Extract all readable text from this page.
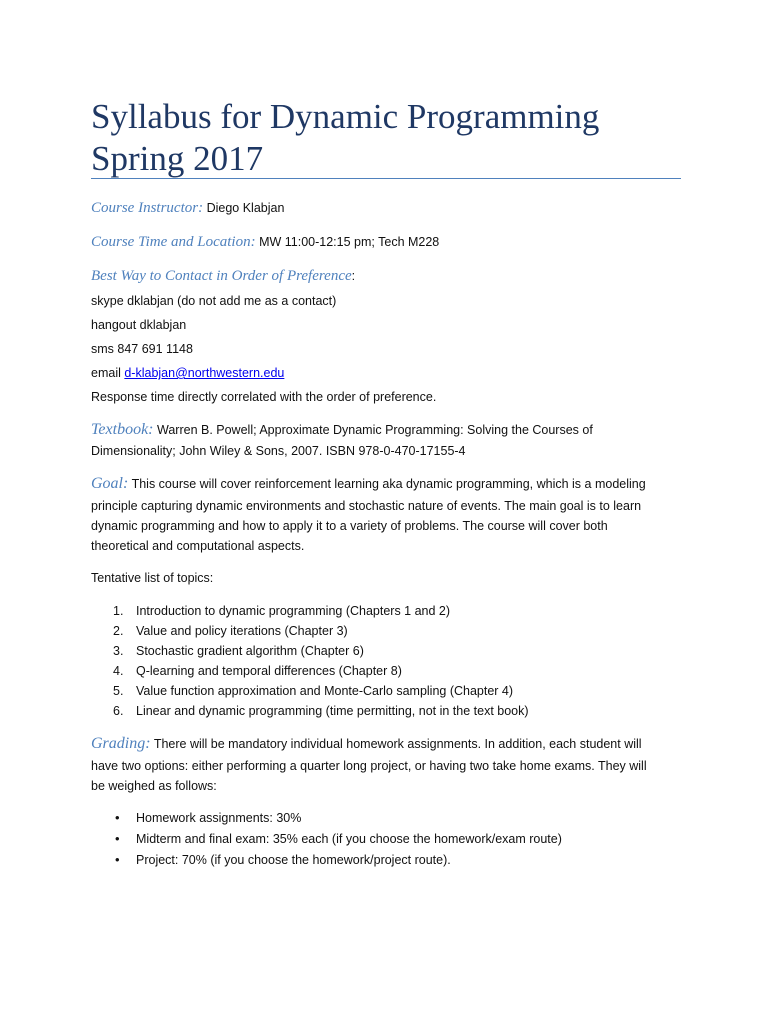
Syllabus for Dynamic Programming
Spring 2017
Course Instructor: Diego Klabjan
Course Time and Location: MW 11:00-12:15 pm; Tech M228
Best Way to Contact in Order of Preference:
skype dklabjan (do not add me as a contact)
hangout dklabjan
sms 847 691 1148
email d-klabjan@northwestern.edu
Response time directly correlated with the order of preference.
Textbook: Warren B. Powell; Approximate Dynamic Programming: Solving the Courses of
Dimensionality; John Wiley & Sons, 2007. ISBN 978-0-470-17155-4
Goal: This course will cover reinforcement learning aka dynamic programming, which is a modeling
principle capturing dynamic environments and stochastic nature of events. The main goal is to learn
dynamic programming and how to apply it to a variety of problems. The course will cover both
theoretical and computational aspects.
Tentative list of topics:
1. Introduction to dynamic programming (Chapters 1 and 2)
2. Value and policy iterations (Chapter 3)
3. Stochastic gradient algorithm (Chapter 6)
4. Q-learning and temporal differences (Chapter 8)
5. Value function approximation and Monte-Carlo sampling (Chapter 4)
6. Linear and dynamic programming (time permitting, not in the text book)
Grading: There will be mandatory individual homework assignments. In addition, each student will
have two options: either performing a quarter long project, or having two take home exams. They will
be weighed as follows:
• Homework assignments: 30%
• Midterm and final exam: 35% each (if you choose the homework/exam route)
• Project: 70% (if you choose the homework/project route).
